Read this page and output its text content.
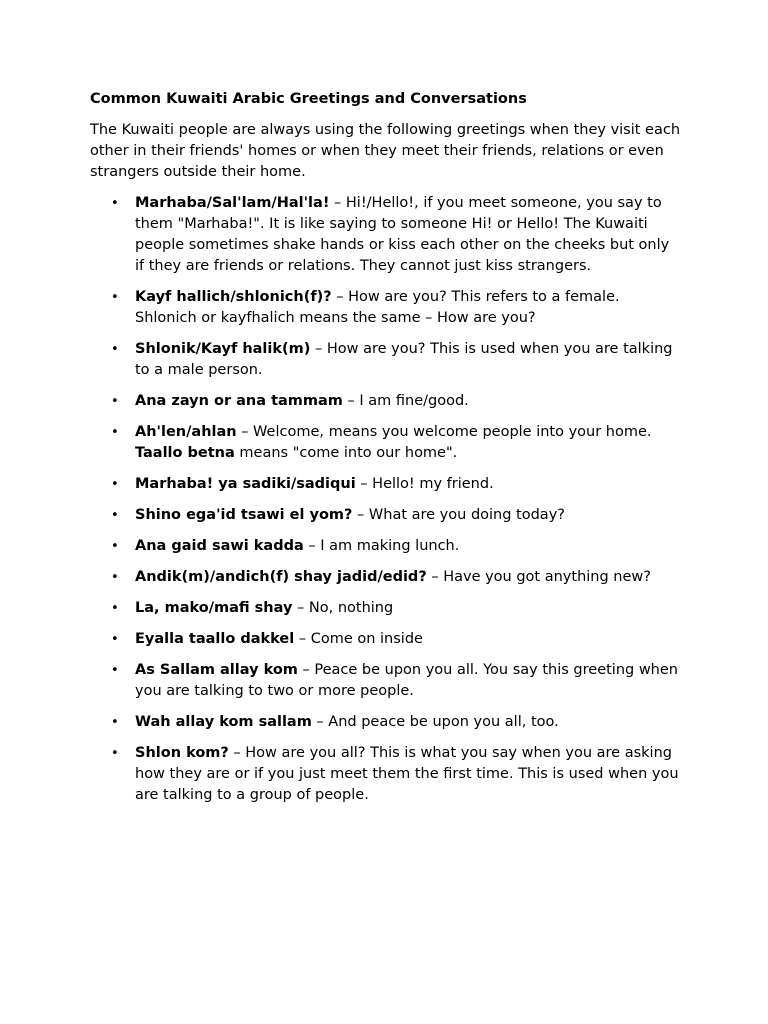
Common Kuwaiti Arabic Greetings and Conversations

The Kuwaiti people are always using the following greetings when they visit each other in their friends' homes or when they meet their friends, relations or even strangers outside their home.

• Marhaba/Sal'lam/Hal'la! – Hi!/Hello!, if you meet someone, you say to them "Marhaba!". It is like saying to someone Hi! or Hello! The Kuwaiti people sometimes shake hands or kiss each other on the cheeks but only if they are friends or relations. They cannot just kiss strangers.
• Kayf hallich/shlonich(f)? – How are you? This refers to a female. Shlonich or kayfhalich means the same – How are you?
• Shlonik/Kayf halik(m) – How are you? This is used when you are talking to a male person.
• Ana zayn or ana tammam – I am fine/good.
• Ah'len/ahlan – Welcome, means you welcome people into your home. Taallo betna means "come into our home".
• Marhaba! ya sadiki/sadiqui – Hello! my friend.
• Shino ega'id tsawi el yom? – What are you doing today?
• Ana gaid sawi kadda – I am making lunch.
• Andik(m)/andich(f) shay jadid/edid? – Have you got anything new?
• La, mako/mafi shay – No, nothing
• Eyalla taallo dakkel – Come on inside
• As Sallam allay kom – Peace be upon you all. You say this greeting when you are talking to two or more people.
• Wah allay kom sallam – And peace be upon you all, too.
• Shlon kom? – How are you all? This is what you say when you are asking how they are or if you just meet them the first time. This is used when you are talking to a group of people.
